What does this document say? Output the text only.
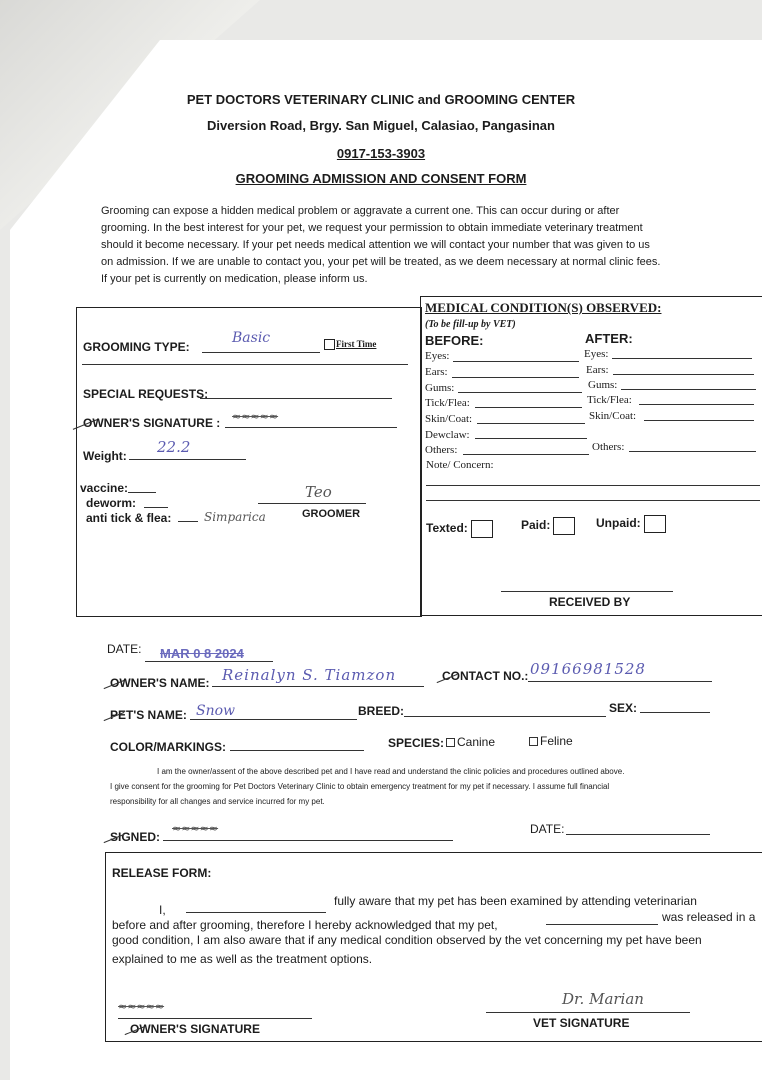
PET DOCTORS VETERINARY CLINIC and GROOMING CENTER
Diversion Road, Brgy. San Miguel, Calasiao, Pangasinan
0917-153-3903
GROOMING ADMISSION AND CONSENT FORM
Grooming can expose a hidden medical problem or aggravate a current one. This can occur during or after
grooming. In the best interest for your pet, we request your permission to obtain immediate veterinary treatment
should it become necessary. If your pet needs medical attention we will contact your number that was given to us
on admission. If we are unable to contact you, your pet will be treated, as we deem necessary at normal clinic fees.
If your pet is currently on medication, please inform us.
GROOMING TYPE:
Basic	First Time
SPECIAL REQUESTS:
OWNER'S SIGNATURE : ≈≈≈≈≈
Weight: 22.2
vaccine:
deworm:
anti tick & flea:	Simparica
Teo
GROOMER
MEDICAL CONDITION(S) OBSERVED:
(To be fill-up by VET)
BEFORE:	AFTER:
Eyes:	Eyes:
Ears:	Ears:
Gums:	Gums:
Tick/Flea:	Tick/Flea:
Skin/Coat:	Skin/Coat:
Dewclaw:
Others:	Others:
Note/ Concern:
Texted:	Paid:	Unpaid:
RECEIVED BY
DATE: MAR 0 8 2024
OWNER'S NAME: Reinalyn S. Tiamzon	CONTACT NO.: 09166981528
PET'S NAME: Snow	BREED:	SEX:
COLOR/MARKINGS:	SPECIES: Canine	Feline
I am the owner/assent of the above described pet and I have read and understand the clinic policies and procedures outlined above.
I give consent for the grooming for Pet Doctors Veterinary Clinic to obtain emergency treatment for my pet if necessary. I assume full financial
responsibility for all changes and service incurred for my pet.
SIGNED:
≈≈≈≈≈	DATE:
RELEASE FORM:
I,
fully aware that my pet has been examined by attending veterinarian
before and after grooming, therefore I hereby acknowledged that my pet,
was released in a
good condition, I am also aware that if any medical condition observed by the vet concerning my pet have been
explained to me as well as the treatment options.
≈≈≈≈≈
OWNER'S SIGNATURE
Dr. Marian
VET SIGNATURE
